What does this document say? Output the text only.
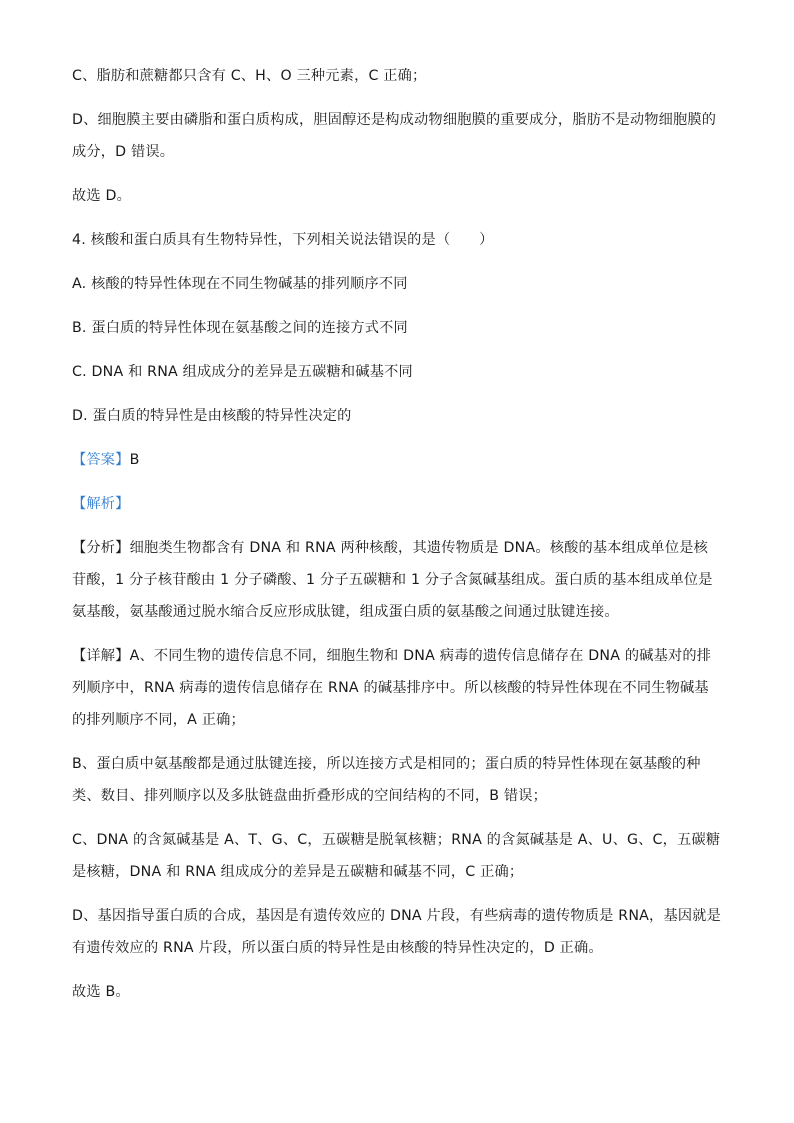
C、脂肪和蔗糖都只含有 C、H、O 三种元素，C 正确；

D、细胞膜主要由磷脂和蛋白质构成，胆固醇还是构成动物细胞膜的重要成分，脂肪不是动物细胞膜的成分，D 错误。

故选 D。

4. 核酸和蛋白质具有生物特异性，下列相关说法错误的是（　　）

A. 核酸的特异性体现在不同生物碱基的排列顺序不同

B. 蛋白质的特异性体现在氨基酸之间的连接方式不同

C. DNA 和 RNA 组成成分的差异是五碳糖和碱基不同

D. 蛋白质的特异性是由核酸的特异性决定的

【答案】B

【解析】

【分析】细胞类生物都含有 DNA 和 RNA 两种核酸，其遗传物质是 DNA。核酸的基本组成单位是核苷酸，1 分子核苷酸由 1 分子磷酸、1 分子五碳糖和 1 分子含氮碱基组成。蛋白质的基本组成单位是氨基酸，氨基酸通过脱水缩合反应形成肽键，组成蛋白质的氨基酸之间通过肽键连接。

【详解】A、不同生物的遗传信息不同，细胞生物和 DNA 病毒的遗传信息储存在 DNA 的碱基对的排列顺序中，RNA 病毒的遗传信息储存在 RNA 的碱基排序中。所以核酸的特异性体现在不同生物碱基的排列顺序不同，A 正确；

B、蛋白质中氨基酸都是通过肽键连接，所以连接方式是相同的；蛋白质的特异性体现在氨基酸的种类、数目、排列顺序以及多肽链盘曲折叠形成的空间结构的不同，B 错误；

C、DNA 的含氮碱基是 A、T、G、C，五碳糖是脱氧核糖；RNA 的含氮碱基是 A、U、G、C，五碳糖是核糖，DNA 和 RNA 组成成分的差异是五碳糖和碱基不同，C 正确；

D、基因指导蛋白质的合成，基因是有遗传效应的 DNA 片段，有些病毒的遗传物质是 RNA，基因就是有遗传效应的 RNA 片段，所以蛋白质的特异性是由核酸的特异性决定的，D 正确。

故选 B。
